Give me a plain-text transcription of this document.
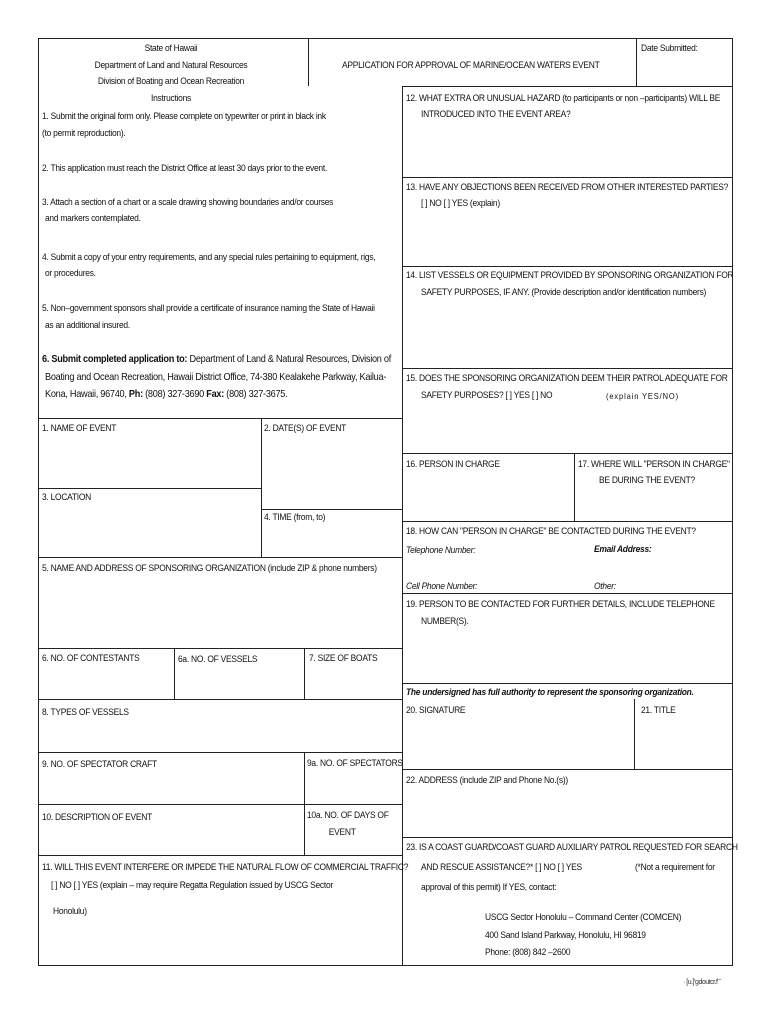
State of Hawaii
Department of Land and Natural Resources
Division of Boating and Ocean Recreation
APPLICATION FOR APPROVAL OF MARINE/OCEAN WATERS EVENT
Date Submitted:
Instructions
1. Submit the original form only. Please complete on typewriter or print in black ink
(to permit reproduction).
2. This application must reach the District Office at least 30 days prior to the event.
3. Attach a section of a chart or a scale drawing showing boundaries and/or courses
and markers contemplated.
4. Submit a copy of your entry requirements, and any special rules pertaining to equipment, rigs,
or procedures.
5. Non–government sponsors shall provide a certificate of insurance naming the State of Hawaii
as an additional insured.
6. Submit completed application to: Department of Land & Natural Resources, Division of
Boating and Ocean Recreation, Hawaii District Office, 74-380 Kealakehe Parkway, Kailua-
Kona, Hawaii, 96740, Ph: (808) 327-3690 Fax: (808) 327-3675.
1. NAME OF EVENT	2. DATE(S) OF EVENT
3. LOCATION
4. TIME (from, to)
5. NAME AND ADDRESS OF SPONSORING ORGANIZATION (include ZIP & phone numbers)
6. NO. OF CONTESTANTS	6a. NO. OF VESSELS	7. SIZE OF BOATS
8. TYPES OF VESSELS
9. NO. OF SPECTATOR CRAFT	9a. NO. OF SPECTATORS
10. DESCRIPTION OF EVENT	10a. NO. OF DAYS OF
EVENT
11. WILL THIS EVENT INTERFERE OR IMPEDE THE NATURAL FLOW OF COMMERCIAL TRAFFIC?
[ ] NO [ ] YES (explain – may require Regatta Regulation issued by USCG Sector
Honolulu)
12. WHAT EXTRA OR UNUSUAL HAZARD (to participants or non –participants) WILL BE
INTRODUCED INTO THE EVENT AREA?
13. HAVE ANY OBJECTIONS BEEN RECEIVED FROM OTHER INTERESTED PARTIES?
[ ] NO [ ] YES (explain)
14. LIST VESSELS OR EQUIPMENT PROVIDED BY SPONSORING ORGANIZATION FOR
SAFETY PURPOSES, IF ANY. (Provide description and/or identification numbers)
15. DOES THE SPONSORING ORGANIZATION DEEM THEIR PATROL ADEQUATE FOR
SAFETY PURPOSES? [ ] YES [ ] NO	(explain YES/NO)
16. PERSON IN CHARGE	17. WHERE WILL "PERSON IN CHARGE"
BE DURING THE EVENT?
18. HOW CAN "PERSON IN CHARGE" BE CONTACTED DURING THE EVENT?
Telephone Number:	Email Address:
Cell Phone Number:	Other:
19. PERSON TO BE CONTACTED FOR FURTHER DETAILS, INCLUDE TELEPHONE
NUMBER(S).
The undersigned has full authority to represent the sponsoring organization.
20. SIGNATURE	21. TITLE
22. ADDRESS (include ZIP and Phone No.(s))
23. IS A COAST GUARD/COAST GUARD AUXILIARY PATROL REQUESTED FOR SEARCH
AND RESCUE ASSISTANCE?* [ ] NO [ ] YES	(*Not a requirement for
approval of this permit) If YES, contact:
USCG Sector Honolulu – Command Center (COMCEN)
400 Sand Island Parkway, Honolulu, HI 96819
Phone: (808) 842 –2600
· [u.]’gdoutcr.fˉˉ
